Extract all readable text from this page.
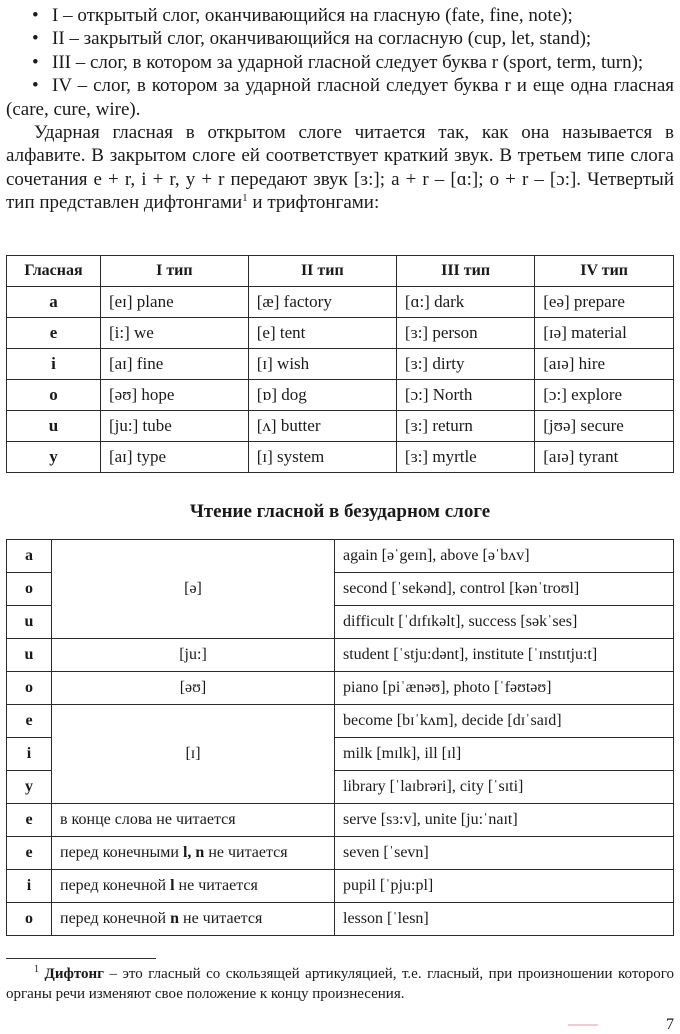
• I – открытый слог, оканчивающийся на гласную (fate, fine, note);

• II – закрытый слог, оканчивающийся на согласную (cup, let, stand);

• III – слог, в котором за ударной гласной следует буква r (sport, term, turn);

• IV – слог, в котором за ударной гласной следует буква r и еще одна гласная (care, cure, wire).

Ударная гласная в открытом слоге читается так, как она называется в алфавите. В закрытом слоге ей соответствует краткий звук. В третьем типе слога сочетания e + r, i + r, y + r передают звук [ɜ:]; a + r – [ɑ:]; o + r – [ɔ:]. Четвертый тип представлен дифтонгами$^1$ и трифтонгами:

Гласная	I тип	II тип	III тип	IV тип
a	[eɪ] plane	[æ] factory	[ɑ:] dark	[eə] prepare
e	[i:] we	[e] tent	[ɜ:] person	[ɪə] material
i	[aɪ] fine	[ɪ] wish	[ɜ:] dirty	[aɪə] hire
o	[əʊ] hope	[ɒ] dog	[ɔ:] North	[ɔ:] explore
u	[ju:] tube	[ʌ] butter	[ɜ:] return	[jʊə] secure
y	[aɪ] type	[ɪ] system	[ɜ:] myrtle	[aɪə] tyrant
Чтение гласной в безударном слоге
a	[ə]	again [əˈgeɪn], above [əˈbʌv]
o		second [ˈsekənd], control [kənˈtroʊl]
u		difficult [ˈdɪfɪkəlt], success [səkˈses]
u	[ju:]	student [ˈstju:dənt], institute [ˈɪnstɪtju:t]
o	[əʊ]	piano [piˈænəʊ], photo [ˈfəʊtəʊ]
e	[ɪ]	become [bɪˈkʌm], decide [dɪˈsaɪd]
i		milk [mɪlk], ill [ɪl]
y		library [ˈlaɪbrəri], city [ˈsɪti]
e	в конце слова не читается	serve [sɜ:v], unite [ju:ˈnaɪt]
e	перед конечными l, n не читается	seven [ˈsevn]
i	перед конечной l не читается	pupil [ˈpju:pl]
o	перед конечной n не читается	lesson [ˈlesn]
$^1$ Дифтонг – это гласный со скользящей артикуляцией, т.е. гласный, при произношении которого органы речи изменяют свое положение к концу произнесения.
7
